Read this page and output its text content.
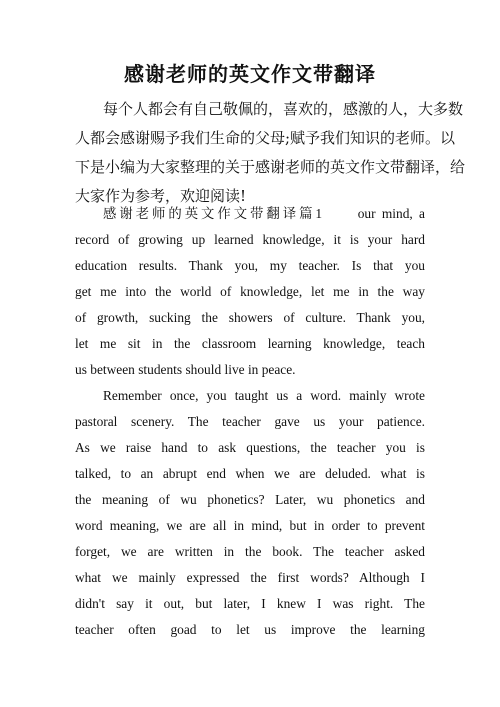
感谢老师的英文作文带翻译
每个人都会有自己敬佩的，喜欢的，感激的人，大多数
人都会感谢赐予我们生命的父母;赋予我们知识的老师。以
下是小编为大家整理的关于感谢老师的英文作文带翻译，给
大家作为参考，欢迎阅读!
感谢老师的英文作文带翻译篇1　　our mind, a
record of growing up learned knowledge, it is your hard
education results. Thank you, my teacher. Is that you
get me into the world of knowledge, let me in the way
of growth, sucking the showers of culture. Thank you,
let me sit in the classroom learning knowledge, teach
us between students should live in peace.
Remember once, you taught us a word. mainly wrote
pastoral scenery. The teacher gave us your patience.
As we raise hand to ask questions, the teacher you is
talked, to an abrupt end when we are deluded. what is
the meaning of wu phonetics? Later, wu phonetics and
word meaning, we are all in mind, but in order to prevent
forget, we are written in the book. The teacher asked
what we mainly expressed the first words? Although I
didn't say it out, but later, I knew I was right. The
teacher often goad to let us improve the learning
